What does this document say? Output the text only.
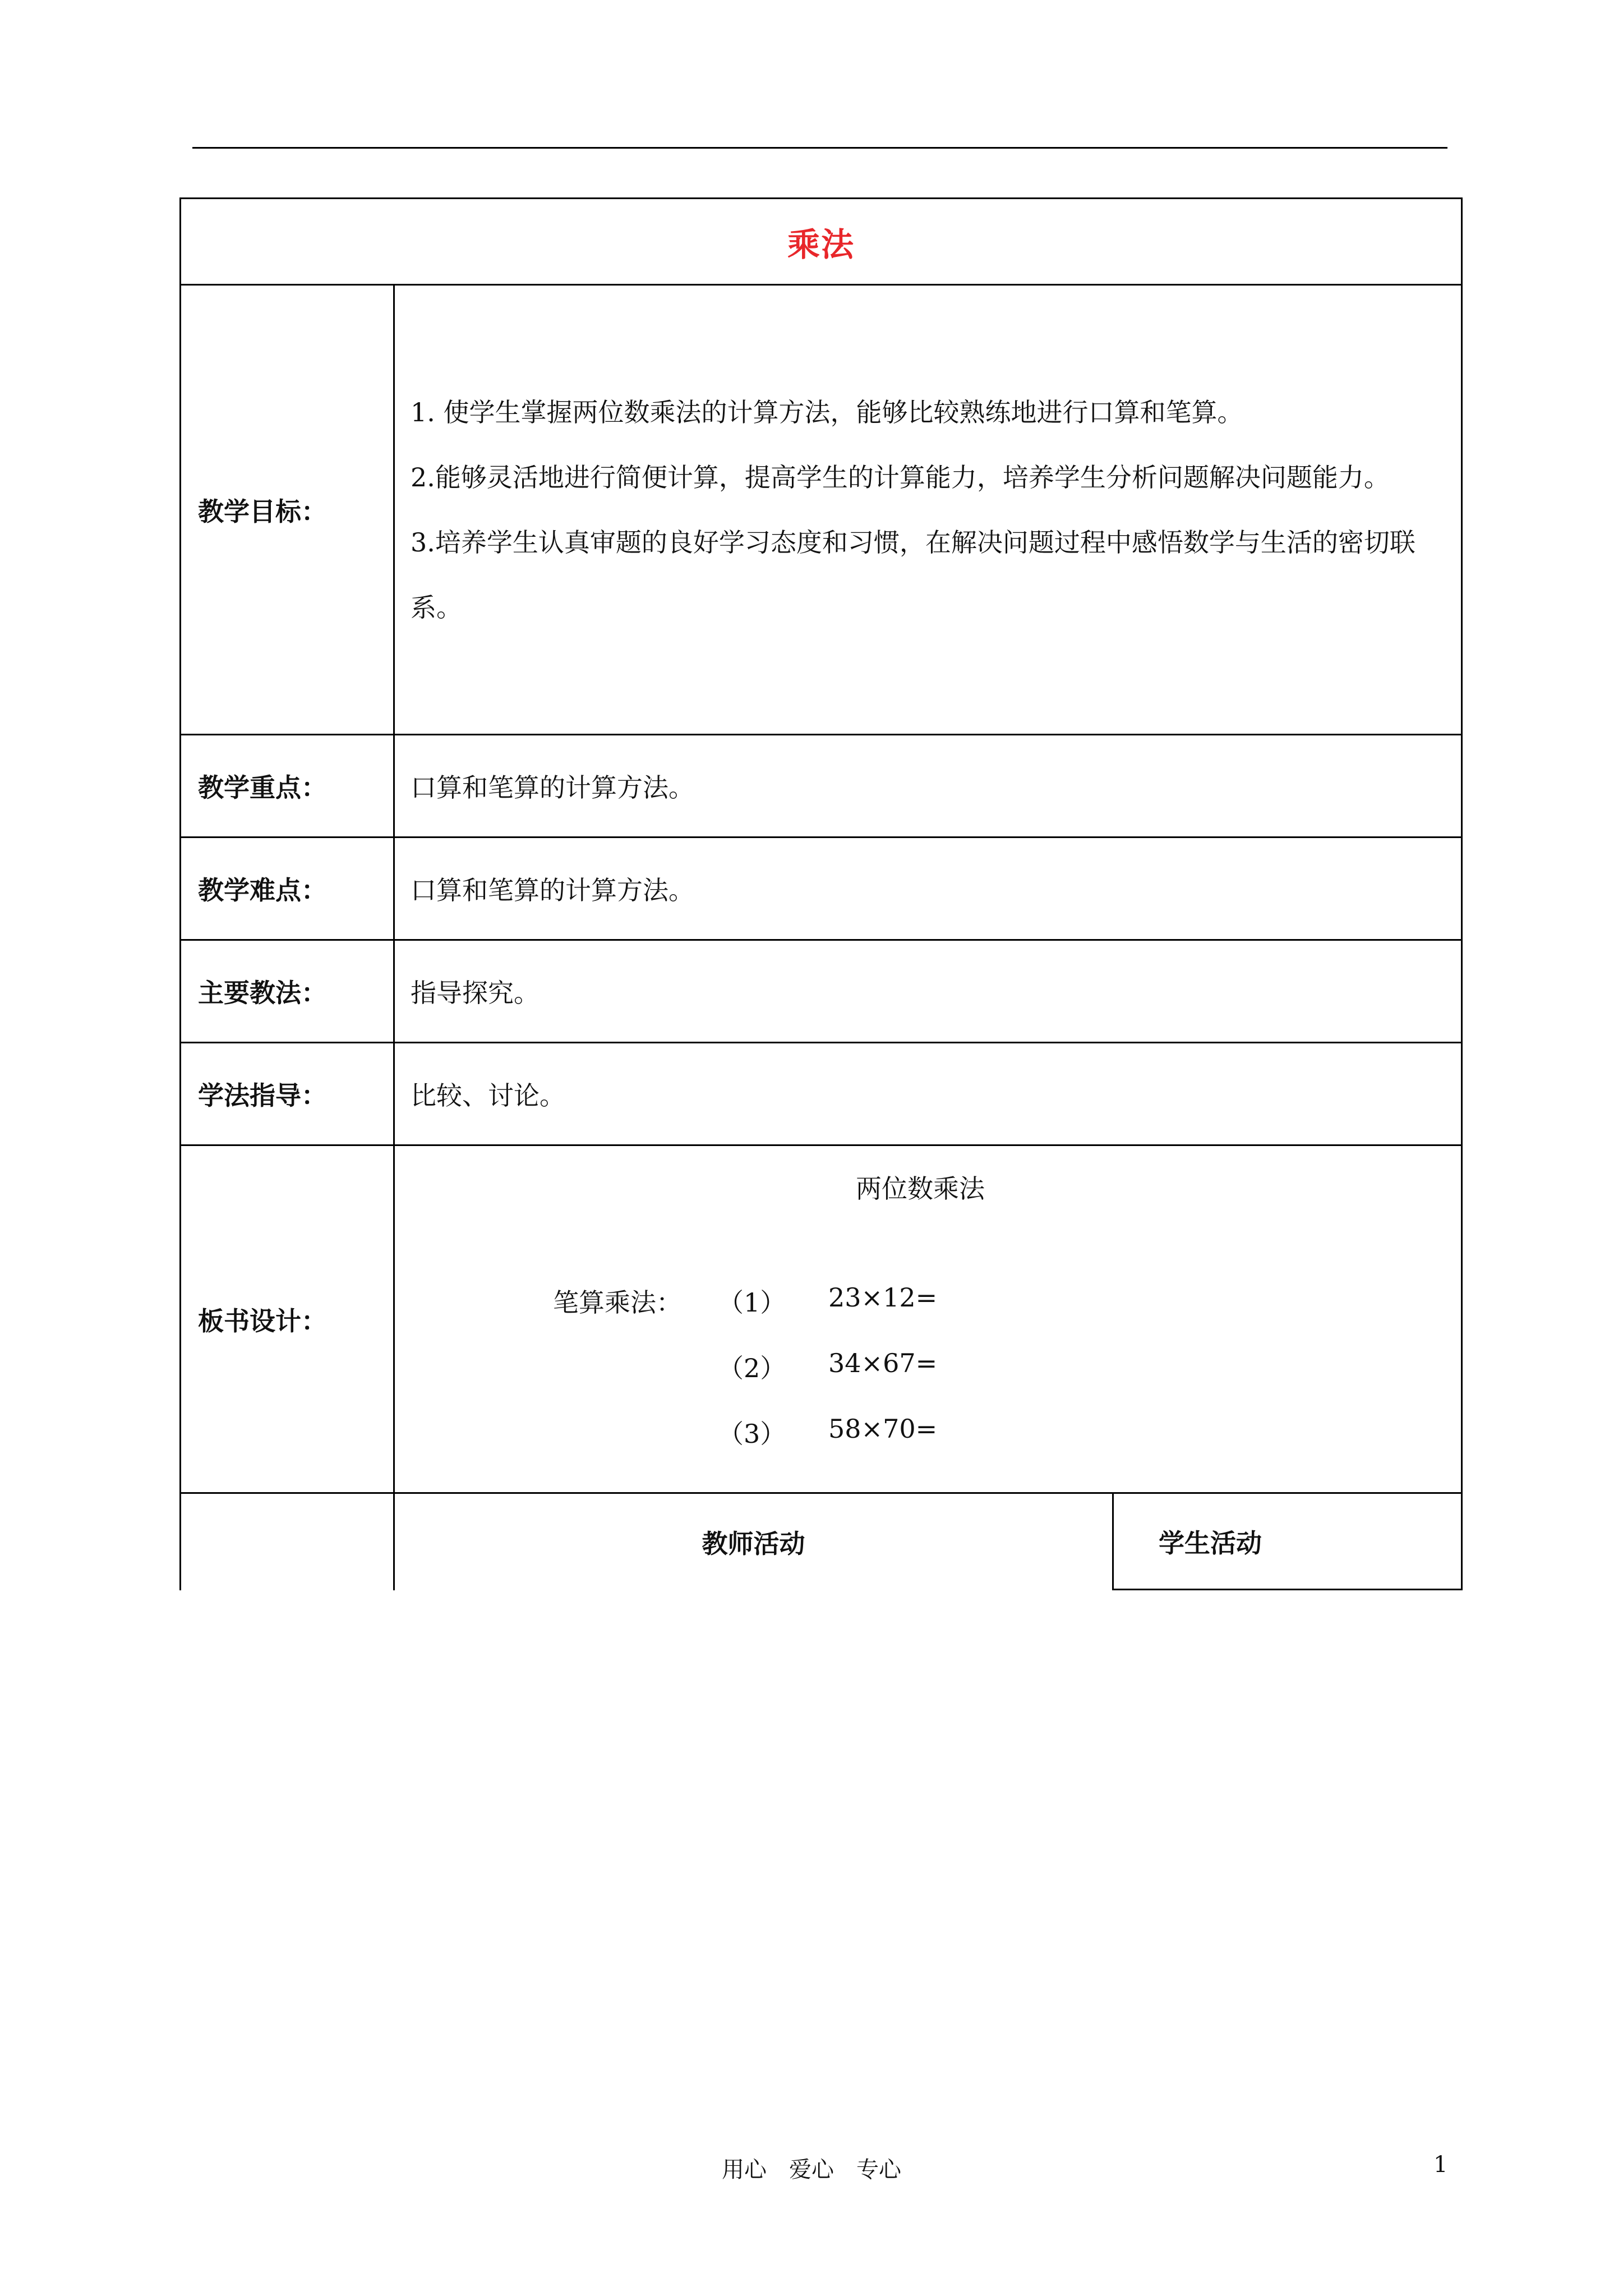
乘法
教学目标：
1. 使学生掌握两位数乘法的计算方法，能够比较熟练地进行口算和笔算。
2.能够灵活地进行简便计算，提高学生的计算能力，培养学生分析问题解决问题能力。
3.培养学生认真审题的良好学习态度和习惯，在解决问题过程中感悟数学与生活的密切联系。
教学重点：	口算和笔算的计算方法。
教学难点：	口算和笔算的计算方法。
主要教法：	指导探究。
学法指导：	比较、讨论。
板书设计：
两位数乘法
笔算乘法： （1） 23×12=
（2） 34×67=
（3） 58×70=
教师活动	学生活动
用心　爱心　专心	1
